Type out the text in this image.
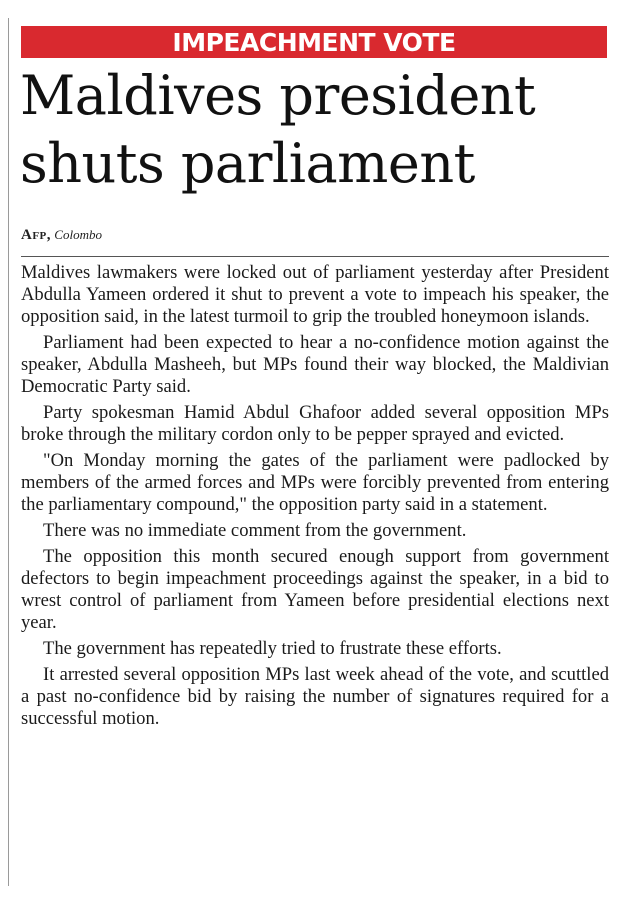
IMPEACHMENT VOTE
Maldives president
shuts parliament
Afp, Colombo

Maldives lawmakers were locked out of parliament yesterday after President Abdulla Yameen ordered it shut to prevent a vote to impeach his speaker, the opposition said, in the latest turmoil to grip the troubled honeymoon islands.

Parliament had been expected to hear a no-confidence motion against the speaker, Abdulla Masheeh, but MPs found their way blocked, the Maldivian Democratic Party said.

Party spokesman Hamid Abdul Ghafoor added several opposition MPs broke through the military cordon only to be pepper sprayed and evicted.

"On Monday morning the gates of the parliament were padlocked by members of the armed forces and MPs were forcibly prevented from entering the parliamentary compound," the opposition party said in a statement.

There was no immediate comment from the government.

The opposition this month secured enough support from government defectors to begin impeachment proceedings against the speaker, in a bid to wrest control of parliament from Yameen before presidential elections next year.

The government has repeatedly tried to frustrate these efforts.

It arrested several opposition MPs last week ahead of the vote, and scuttled a past no-confidence bid by raising the number of signatures required for a successful motion.
